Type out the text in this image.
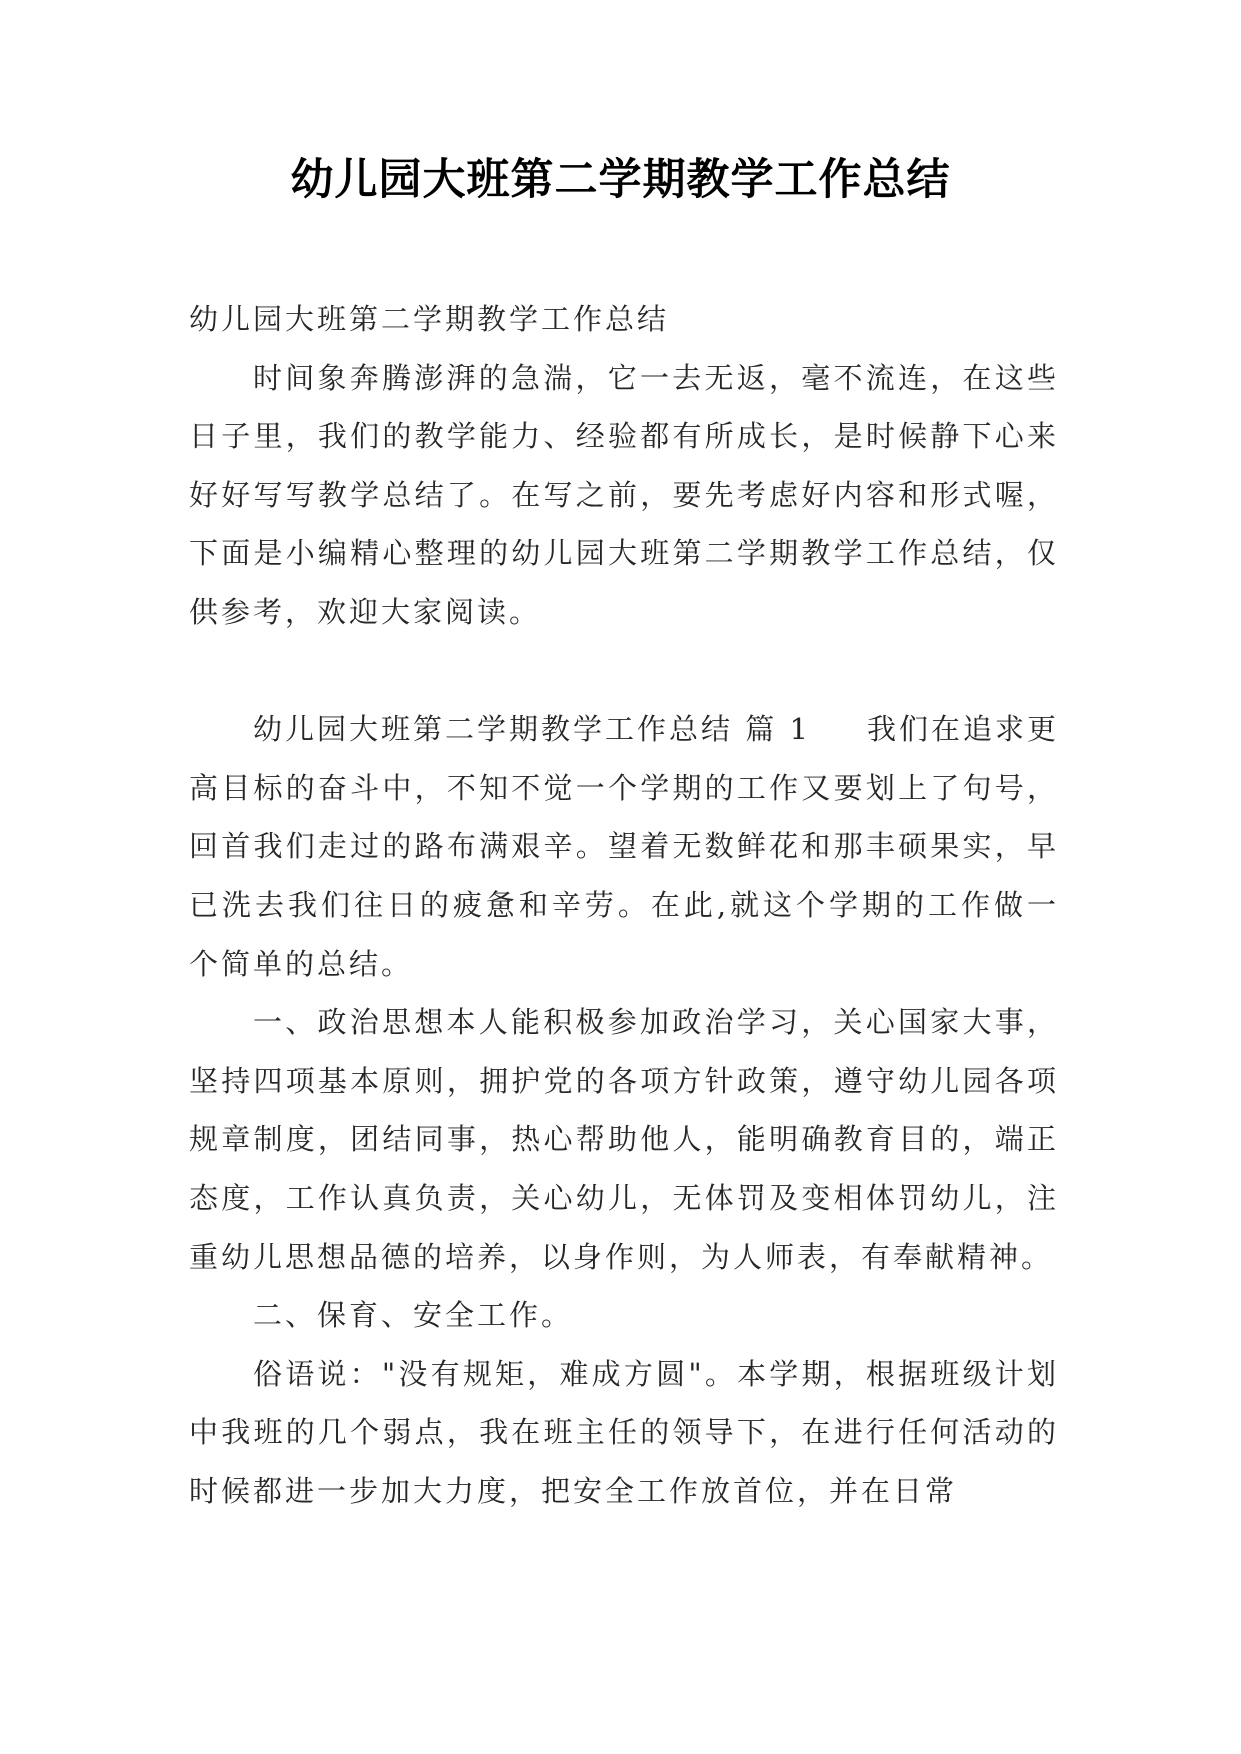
幼儿园大班第二学期教学工作总结

幼儿园大班第二学期教学工作总结

时间象奔腾澎湃的急湍，它一去无返，毫不流连，在这些日子里，我们的教学能力、经验都有所成长，是时候静下心来好好写写教学总结了。在写之前，要先考虑好内容和形式喔，下面是小编精心整理的幼儿园大班第二学期教学工作总结，仅供参考，欢迎大家阅读。

幼儿园大班第二学期教学工作总结 篇 1 我们在追求更高目标的奋斗中，不知不觉一个学期的工作又要划上了句号，回首我们走过的路布满艰辛。望着无数鲜花和那丰硕果实，早已洗去我们往日的疲惫和辛劳。在此,就这个学期的工作做一个简单的总结。

一、政治思想本人能积极参加政治学习，关心国家大事，坚持四项基本原则，拥护党的各项方针政策，遵守幼儿园各项规章制度，团结同事，热心帮助他人，能明确教育目的，端正态度，工作认真负责，关心幼儿，无体罚及变相体罚幼儿，注重幼儿思想品德的培养，以身作则，为人师表，有奉献精神。

二、保育、安全工作。

俗语说："没有规矩，难成方圆"。本学期，根据班级计划中我班的几个弱点，我在班主任的领导下，在进行任何活动的时候都进一步加大力度，把安全工作放首位，并在日常
